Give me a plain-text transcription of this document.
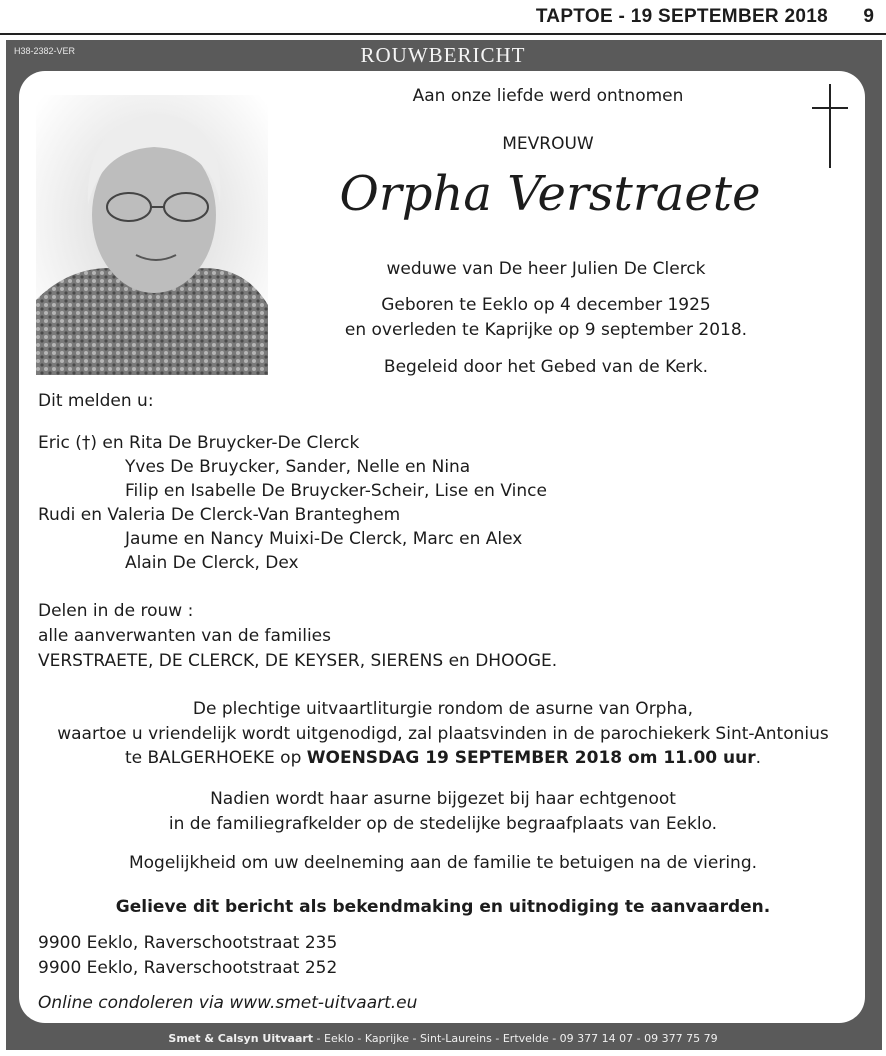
TAPTOE - 19 SEPTEMBER 2018 9
H38-2382-VER	ROUWBERICHT
Aan onze liefde werd ontnomen
MEVROUW
Orpha Verstraete
weduwe van De heer Julien De Clerck
Geboren te Eeklo op 4 december 1925
en overleden te Kaprijke op 9 september 2018.
Begeleid door het Gebed van de Kerk.
Dit melden u:
Eric (†) en Rita De Bruycker-De Clerck
Yves De Bruycker, Sander, Nelle en Nina
Filip en Isabelle De Bruycker-Scheir, Lise en Vince
Rudi en Valeria De Clerck-Van Branteghem
Jaume en Nancy Muixi-De Clerck, Marc en Alex
Alain De Clerck, Dex
Delen in de rouw :
alle aanverwanten van de families
VERSTRAETE, DE CLERCK, DE KEYSER, SIERENS en DHOOGE.
De plechtige uitvaartliturgie rondom de asurne van Orpha,
waartoe u vriendelijk wordt uitgenodigd, zal plaatsvinden in de parochiekerk Sint-Antonius
te BALGERHOEKE op WOENSDAG 19 SEPTEMBER 2018 om 11.00 uur.
Nadien wordt haar asurne bijgezet bij haar echtgenoot
in de familiegrafkelder op de stedelijke begraafplaats van Eeklo.
Mogelijkheid om uw deelneming aan de familie te betuigen na de viering.
Gelieve dit bericht als bekendmaking en uitnodiging te aanvaarden.
9900 Eeklo, Raverschootstraat 235
9900 Eeklo, Raverschootstraat 252
Online condoleren via www.smet-uitvaart.eu
Smet & Calsyn Uitvaart - Eeklo - Kaprijke - Sint-Laureins - Ertvelde - 09 377 14 07 - 09 377 75 79
